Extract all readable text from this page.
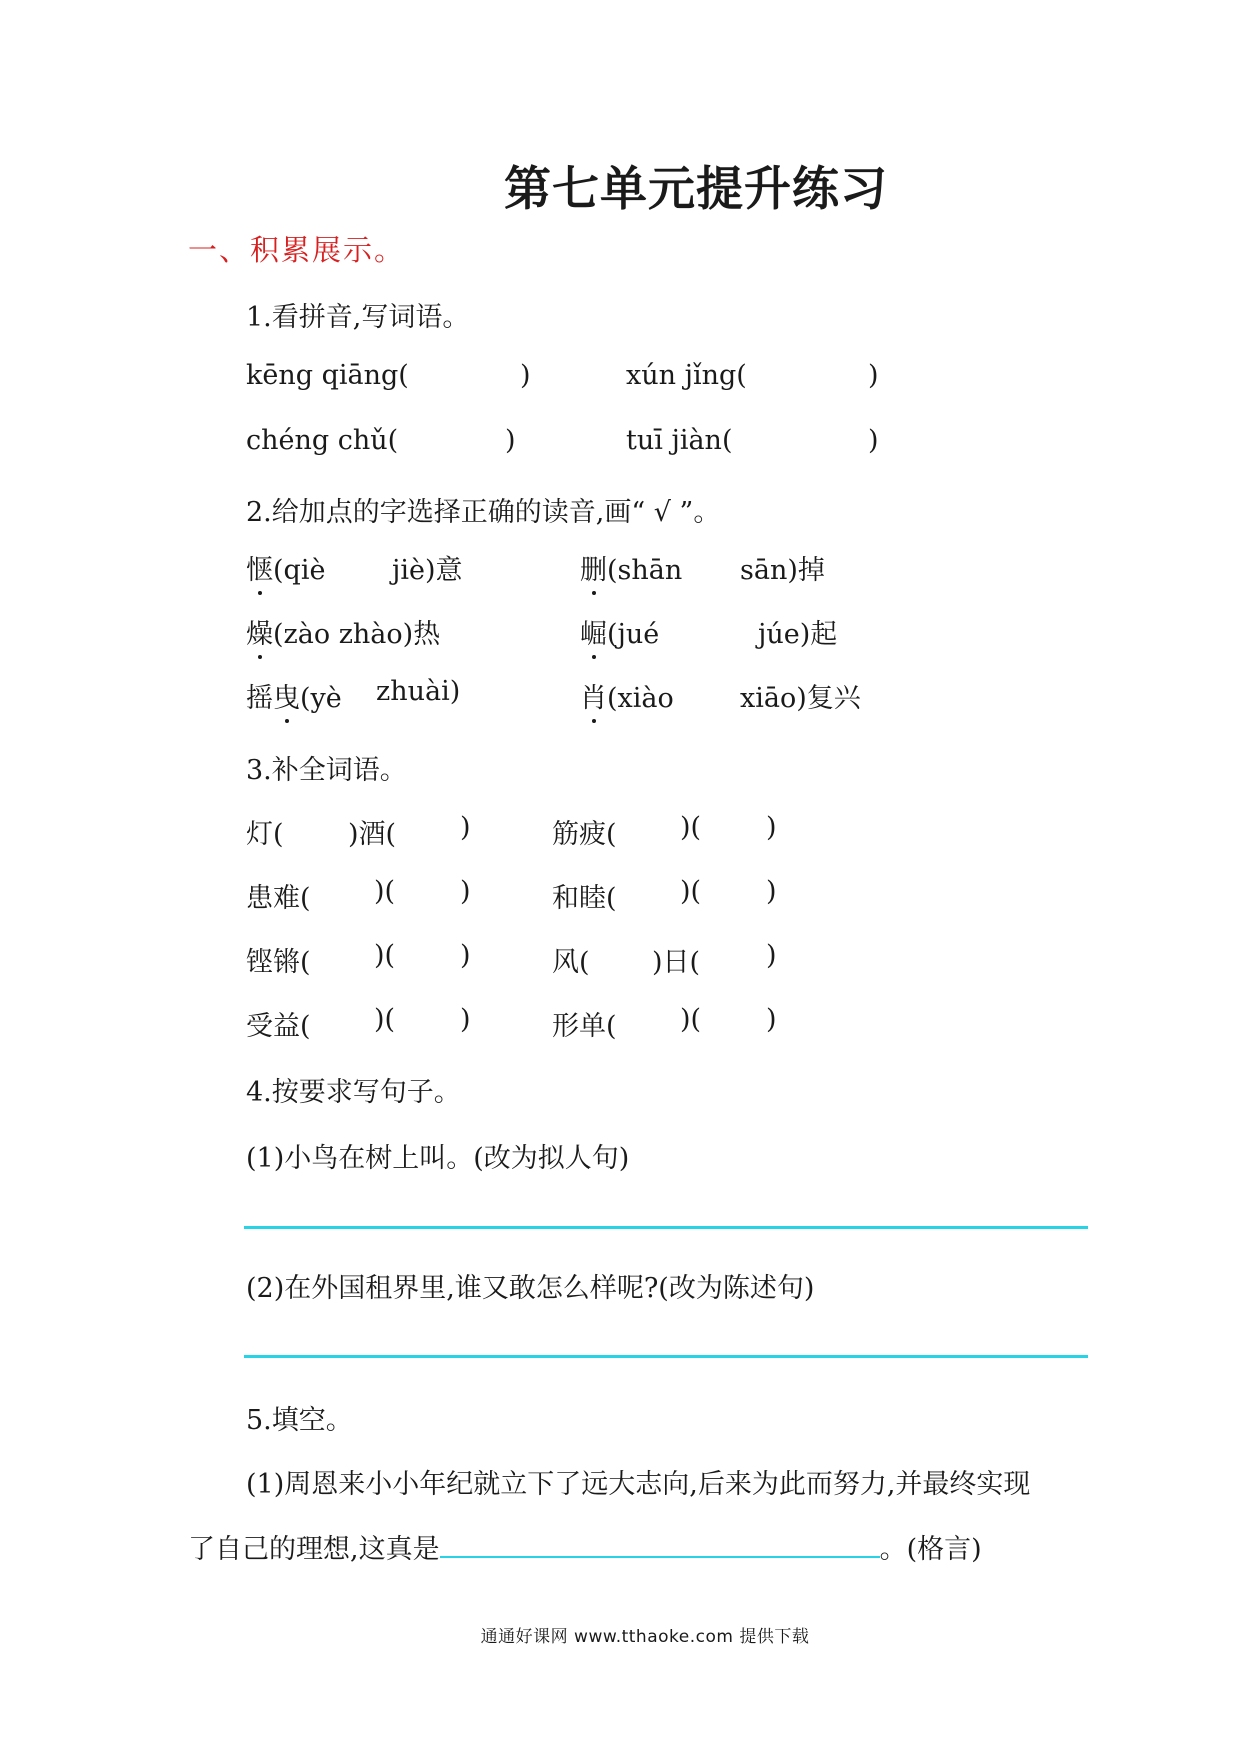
第七单元提升练习
一、积累展示。
1.看拼音,写词语。
kēng qiāng(	)	xún jǐng(	)
chéng chǔ(	)	tuī jiàn(	)
2.给加点的字选择正确的读音,画“ √ ”。
惬(qiè jiè)意	删(shān sān)掉
燥(zào zhào)热	崛(jué	júe)起
摇曳(yè zhuài)	肖(xiào xiāo)复兴
3.补全词语。
灯( )酒( )	筋疲( )( )
患难( )( )	和睦( )( )
铿锵( )( )	风( )日( )
受益( )( )	形单( )( )
4.按要求写句子。
(1)小鸟在树上叫。(改为拟人句)
(2)在外国租界里,谁又敢怎么样呢?(改为陈述句)
5.填空。
(1)周恩来小小年纪就立下了远大志向,后来为此而努力,并最终实现
了自己的理想,这真是	。(格言)
通通好课网 www.tthaoke.com 提供下载
